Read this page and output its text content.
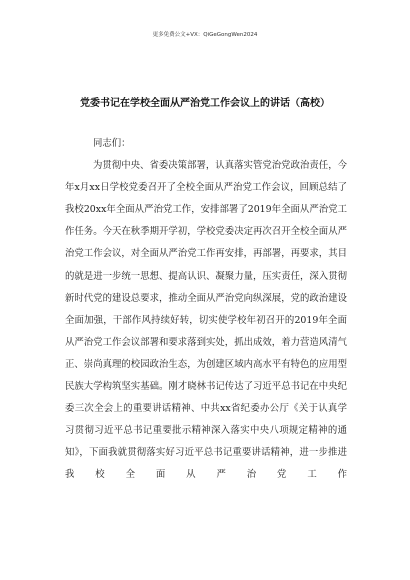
更多免费公文+VX：QiGeGongWen2024
党委书记在学校全面从严治党工作会议上的讲话（高校）

同志们：

为贯彻中央、省委决策部署，认真落实管党治党政治责任，今年x月xx日学校党委召开了全校全面从严治党工作会议，回顾总结了我校20xx年全面从严治党工作，安排部署了2019年全面从严治党工作任务。今天在秋季期开学初，学校党委决定再次召开全校全面从严治党工作会议，对全面从严治党工作再安排，再部署，再要求，其目的就是进一步统一思想、提高认识、凝聚力量，压实责任，深入贯彻新时代党的建设总要求，推动全面从严治党向纵深展，党的政治建设全面加强，干部作风持续好转，切实使学校年初召开的2019年全面从严治党工作会议部署和要求落到实处，抓出成效，着力营造风清气正、崇尚真理的校园政治生态，为创建区域内高水平有特色的应用型民族大学构筑坚实基础。刚才晓林书记传达了习近平总书记在中央纪委三次全会上的重要讲话精神、中共xx省纪委办公厅《关于认真学习贯彻习近平总书记重要批示精神深入落实中央八项规定精神的通知》，下面我就贯彻落实好习近平总书记重要讲话精神，进一步推进我校全面从严治党工作
